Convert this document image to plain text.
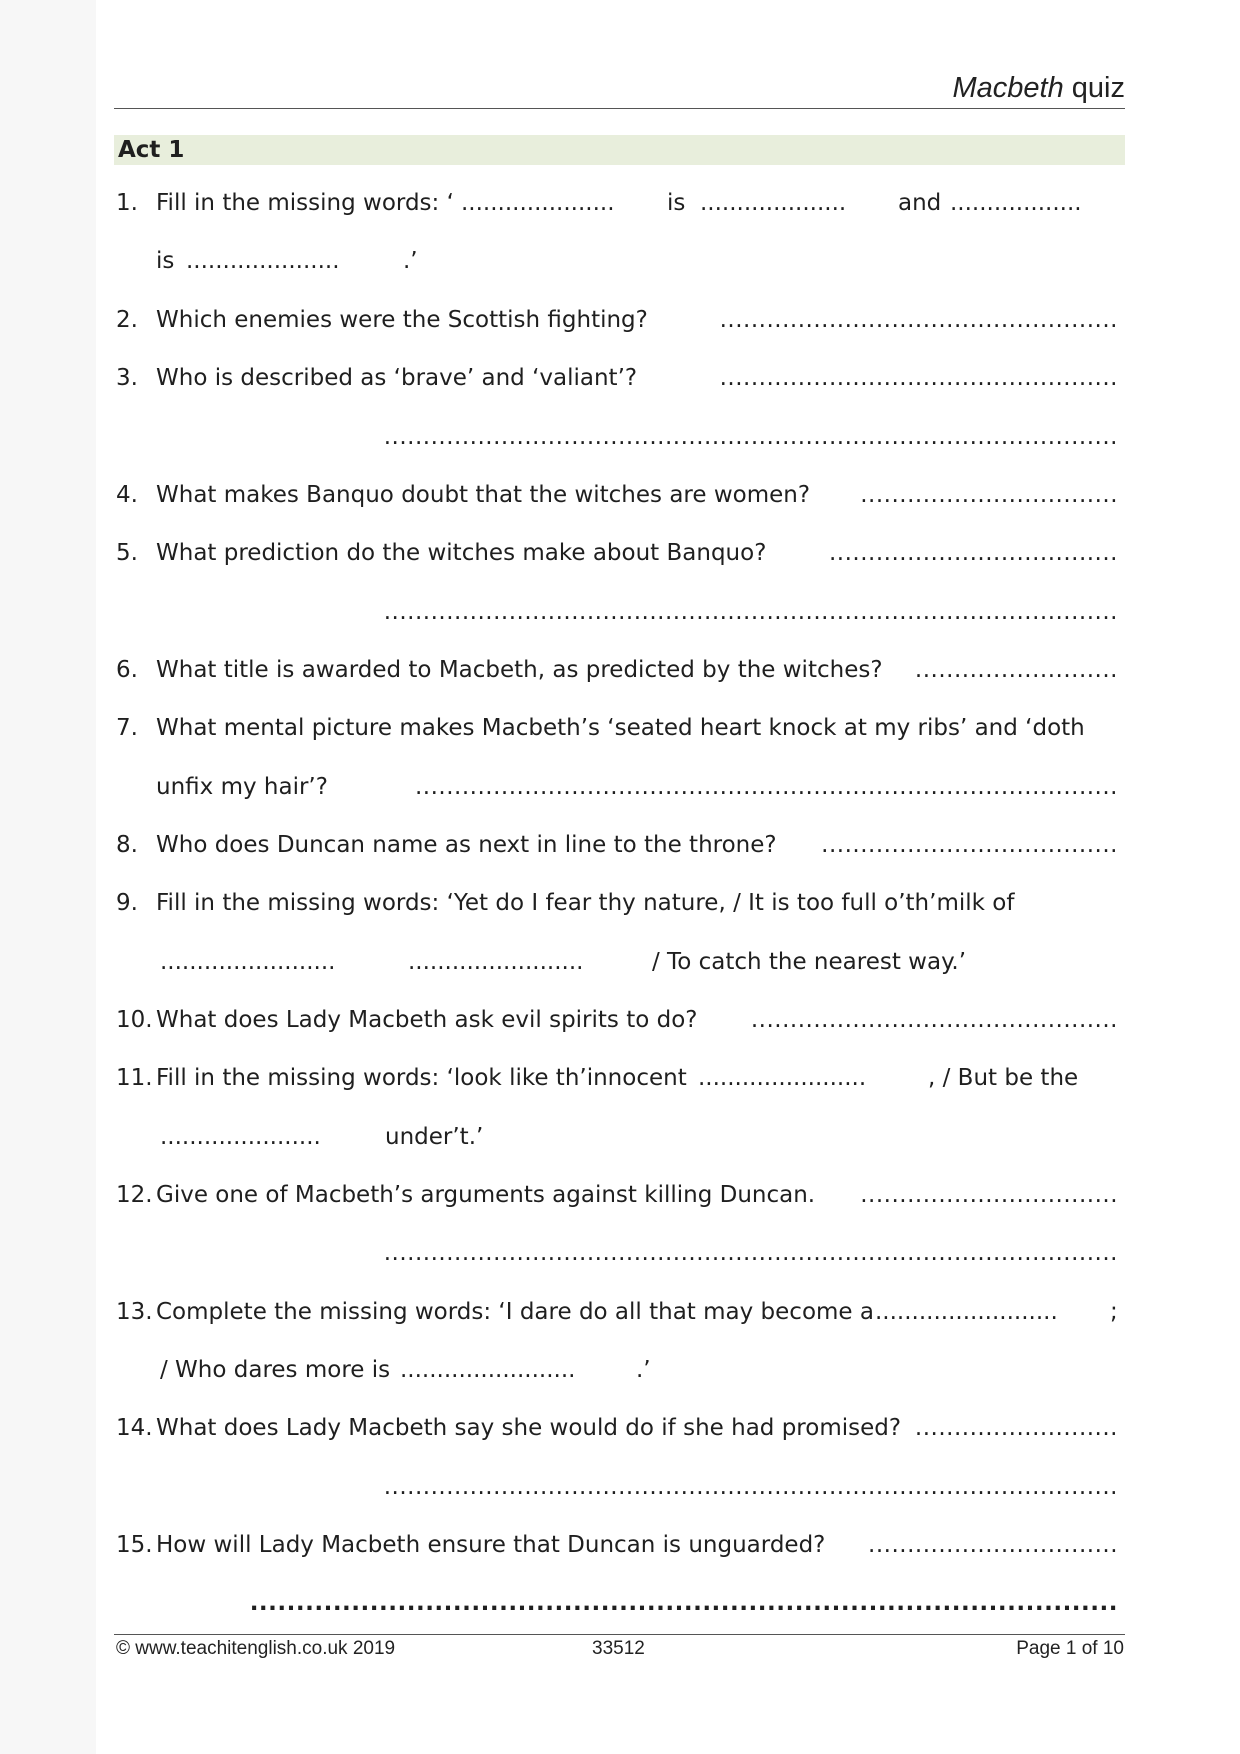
Macbeth quiz
Act 1
1. Fill in the missing words: ‘ ..................... is .................... and ..................
is .....................	.’
2. Which enemies were the Scottish fighting?	...................................................
3. Who is described as ‘brave’ and ‘valiant’?	...................................................
..............................................................................................
4. What makes Banquo doubt that the witches are women? .................................
5. What prediction do the witches make about Banquo?	.....................................
..............................................................................................
6. What title is awarded to Macbeth, as predicted by the witches? ..........................
7. What mental picture makes Macbeth’s ‘seated heart knock at my ribs’ and ‘doth
unfix my hair’?	..........................................................................................
8. Who does Duncan name as next in line to the throne? ......................................
9. Fill in the missing words: ‘Yet do I fear thy nature, / It is too full o’th’milk of
........................	........................	/ To catch the nearest way.’
10. What does Lady Macbeth ask evil spirits to do? ...............................................
11. Fill in the missing words: ‘look like th’innocent .......................	, / But be the
......................	under’t.’
12. Give one of Macbeth’s arguments against killing Duncan. .................................
..............................................................................................
13. Complete the missing words: ‘I dare do all that may become a ......................... ;
/ Who dares more is ........................	.’
14. What does Lady Macbeth say she would do if she had promised? ..........................
..............................................................................................
15. How will Lady Macbeth ensure that Duncan is unguarded? ................................
..............................................................................................
© www.teachitenglish.co.uk 2019	33512	Page 1 of 10
